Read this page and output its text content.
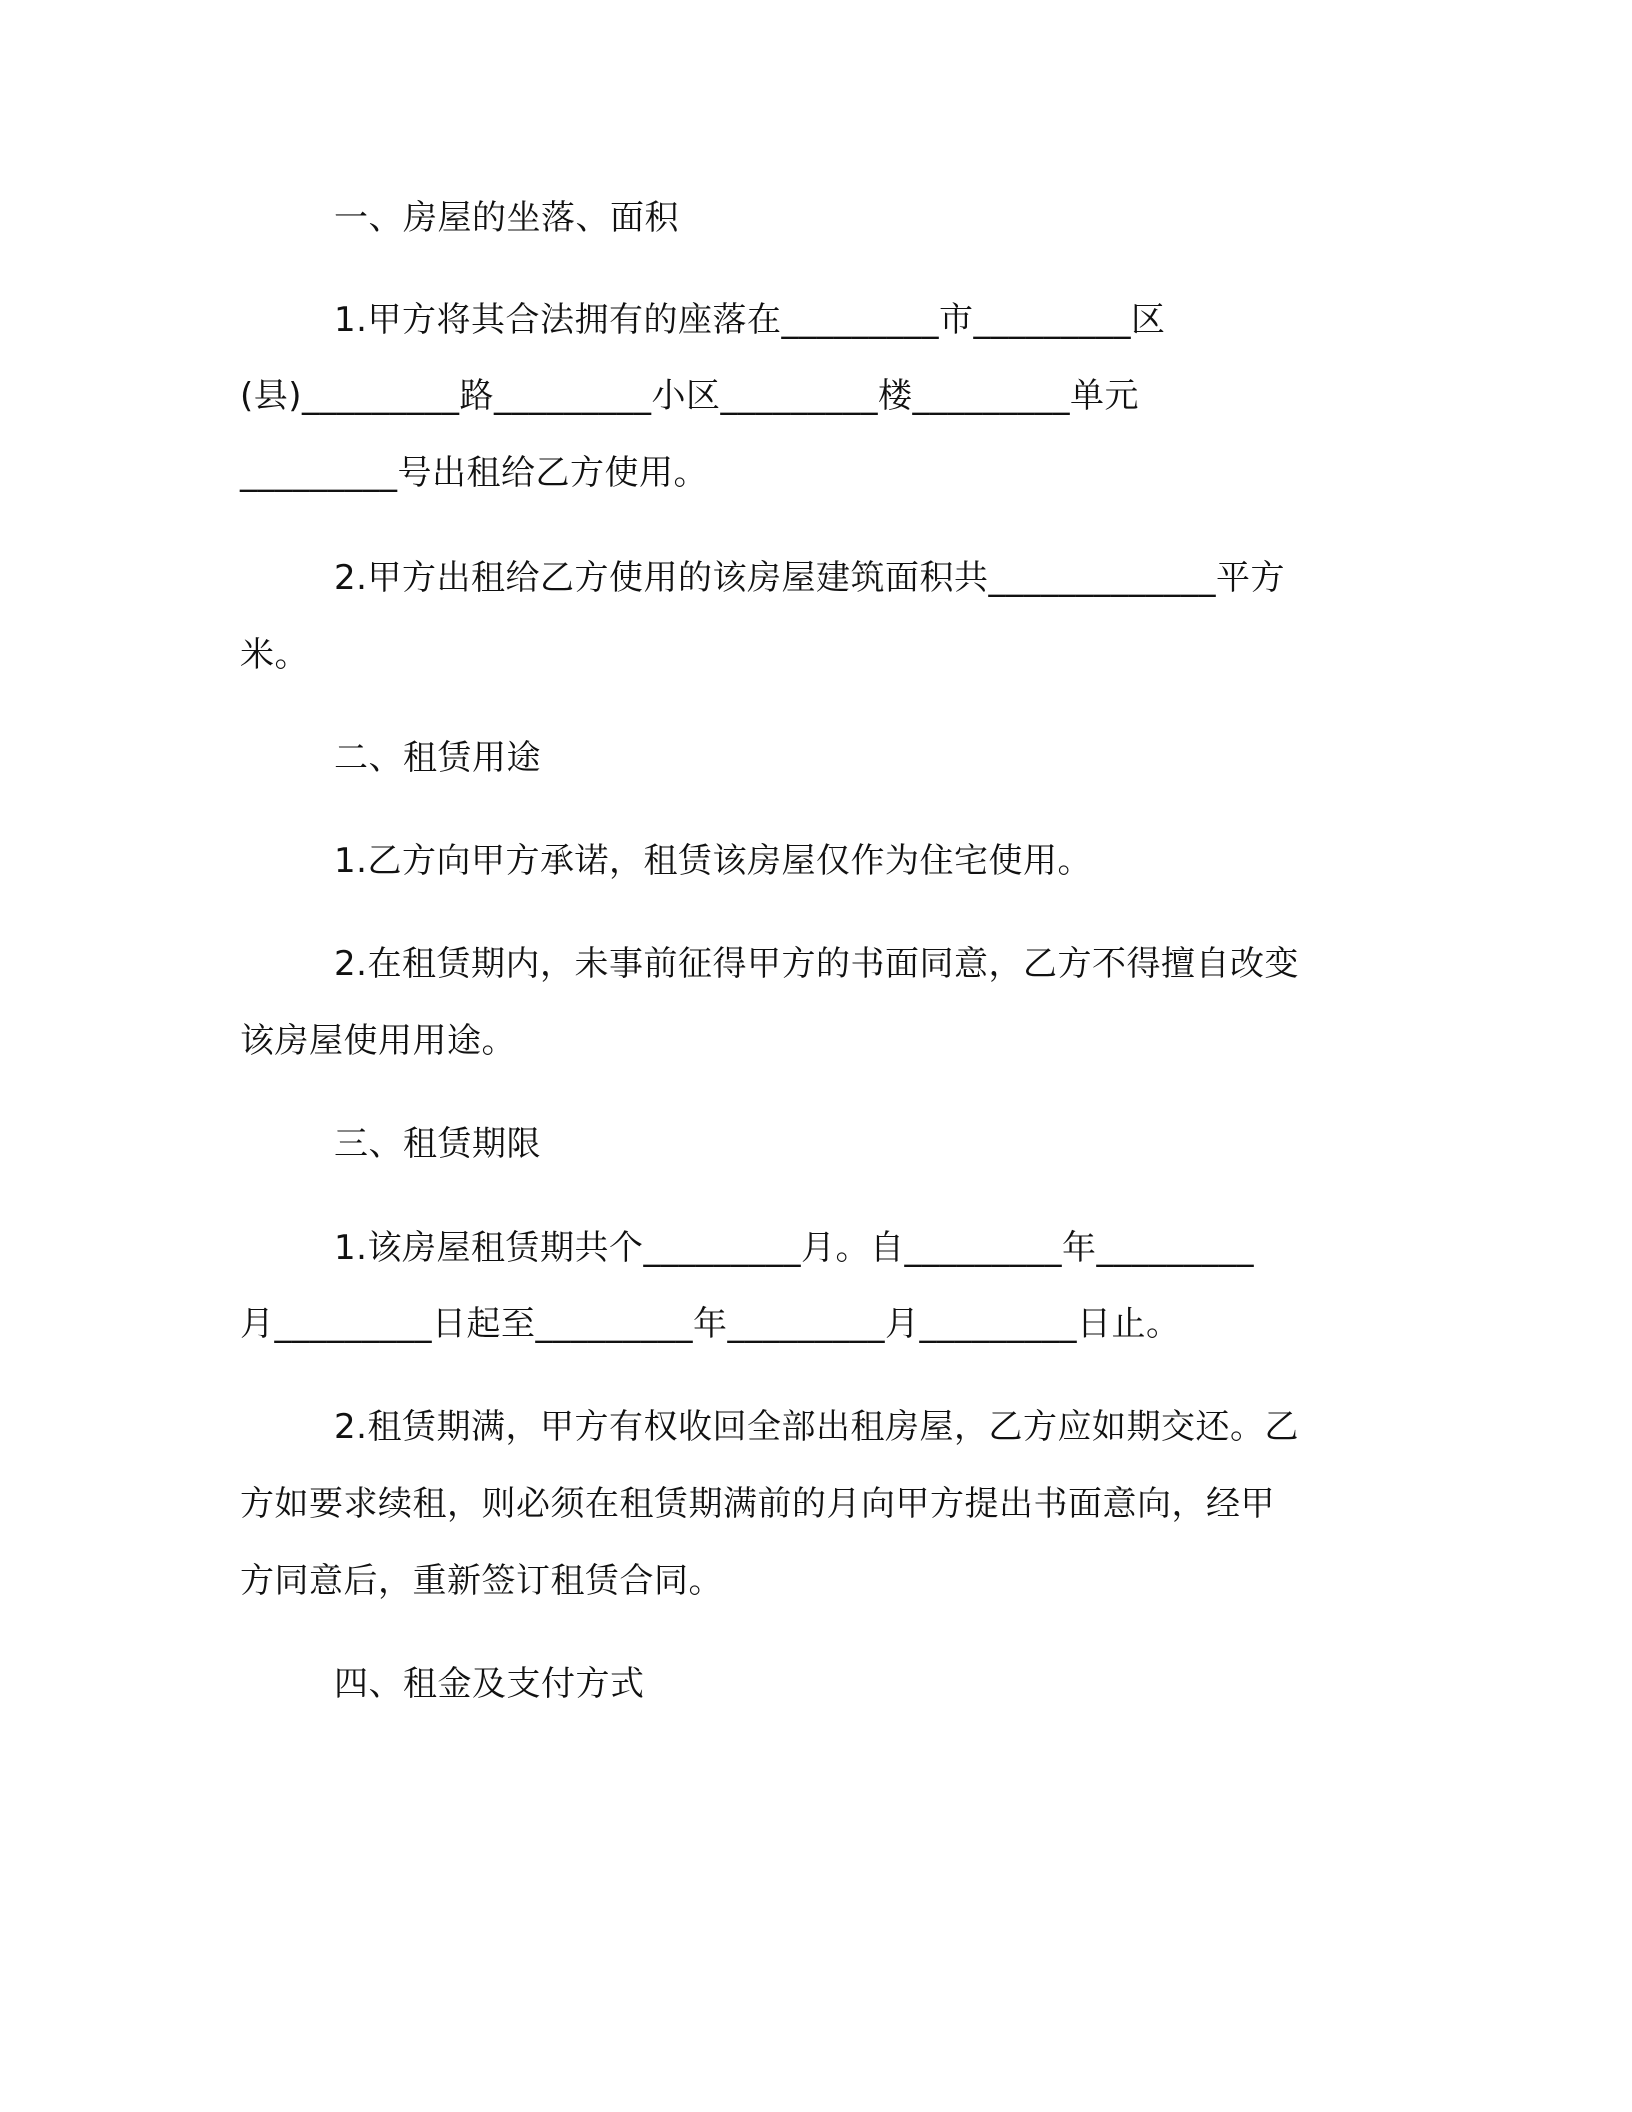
一、房屋的坐落、面积
1.甲方将其合法拥有的座落在_________市_________区
(县)_________路_________小区_________楼_________单元
_________号出租给乙方使用。
2.甲方出租给乙方使用的该房屋建筑面积共_____________平方
米。
二、租赁用途
1.乙方向甲方承诺，租赁该房屋仅作为住宅使用。
2.在租赁期内，未事前征得甲方的书面同意，乙方不得擅自改变
该房屋使用用途。
三、租赁期限
1.该房屋租赁期共个_________月。自_________年_________
月_________日起至_________年_________月_________日止。
2.租赁期满，甲方有权收回全部出租房屋，乙方应如期交还。乙
方如要求续租，则必须在租赁期满前的月向甲方提出书面意向，经甲
方同意后，重新签订租赁合同。
四、租金及支付方式
